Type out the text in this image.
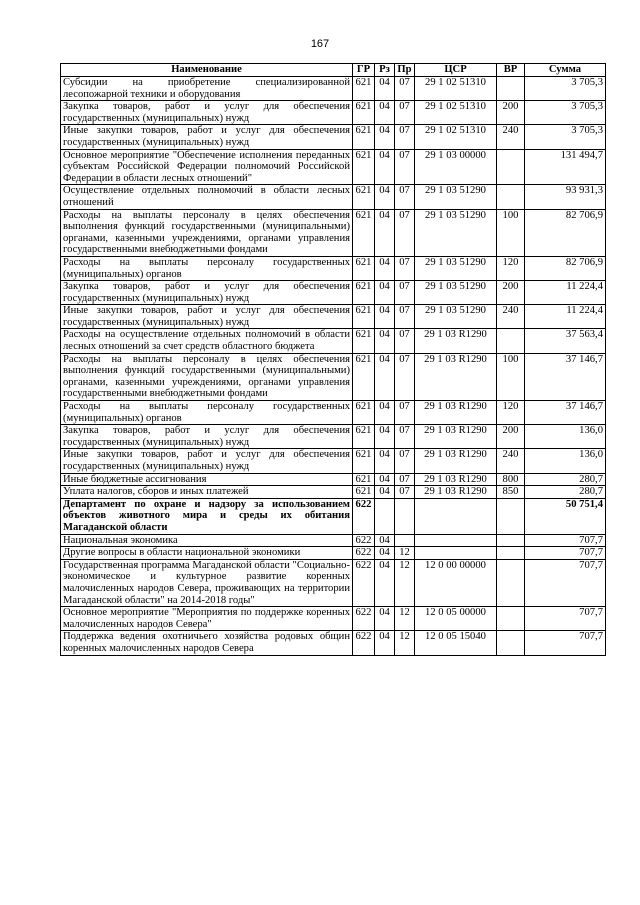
167
Наименование	ГР	Рз	Пр	ЦСР	ВР	Сумма
Субсидии на приобретение специализированной лесопожарной техники и оборудования	621	04	07	29 1 02 51310		3 705,3
Закупка товаров, работ и услуг для обеспечения государственных (муниципальных) нужд	621	04	07	29 1 02 51310	200	3 705,3
Иные закупки товаров, работ и услуг для обеспечения государственных (муниципальных) нужд	621	04	07	29 1 02 51310	240	3 705,3
Основное мероприятие "Обеспечение исполнения переданных субъектам Российской Федерации полномочий Российской Федерации в области лесных отношений"	621	04	07	29 1 03 00000		131 494,7
Осуществление отдельных полномочий в области лесных отношений	621	04	07	29 1 03 51290		93 931,3
Расходы на выплаты персоналу в целях обеспечения выполнения функций государственными (муниципальными) органами, казенными учреждениями, органами управления государственными внебюджетными фондами	621	04	07	29 1 03 51290	100	82 706,9
Расходы на выплаты персоналу государственных (муниципальных) органов	621	04	07	29 1 03 51290	120	82 706,9
Закупка товаров, работ и услуг для обеспечения государственных (муниципальных) нужд	621	04	07	29 1 03 51290	200	11 224,4
Иные закупки товаров, работ и услуг для обеспечения государственных (муниципальных) нужд	621	04	07	29 1 03 51290	240	11 224,4
Расходы на осуществление отдельных полномочий в области лесных отношений за счет средств областного бюджета	621	04	07	29 1 03 R1290		37 563,4
Расходы на выплаты персоналу в целях обеспечения выполнения функций государственными (муниципальными) органами, казенными учреждениями, органами управления государственными внебюджетными фондами	621	04	07	29 1 03 R1290	100	37 146,7
Расходы на выплаты персоналу государственных (муниципальных) органов	621	04	07	29 1 03 R1290	120	37 146,7
Закупка товаров, работ и услуг для обеспечения государственных (муниципальных) нужд	621	04	07	29 1 03 R1290	200	136,0
Иные закупки товаров, работ и услуг для обеспечения государственных (муниципальных) нужд	621	04	07	29 1 03 R1290	240	136,0
Иные бюджетные ассигнования	621	04	07	29 1 03 R1290	800	280,7
Уплата налогов, сборов и иных платежей	621	04	07	29 1 03 R1290	850	280,7
Департамент по охране и надзору за использованием объектов животного мира и среды их обитания Магаданской области	622					50 751,4
Национальная экономика	622	04				707,7
Другие вопросы в области национальной экономики	622	04	12			707,7
Государственная программа Магаданской области "Социально-экономическое и культурное развитие коренных малочисленных народов Севера, проживающих на территории Магаданской области" на 2014-2018 годы"	622	04	12	12 0 00 00000		707,7
Основное мероприятие "Мероприятия по поддержке коренных малочисленных народов Севера"	622	04	12	12 0 05 00000		707,7
Поддержка ведения охотничьего хозяйства родовых общин коренных малочисленных народов Севера	622	04	12	12 0 05 15040		707,7
